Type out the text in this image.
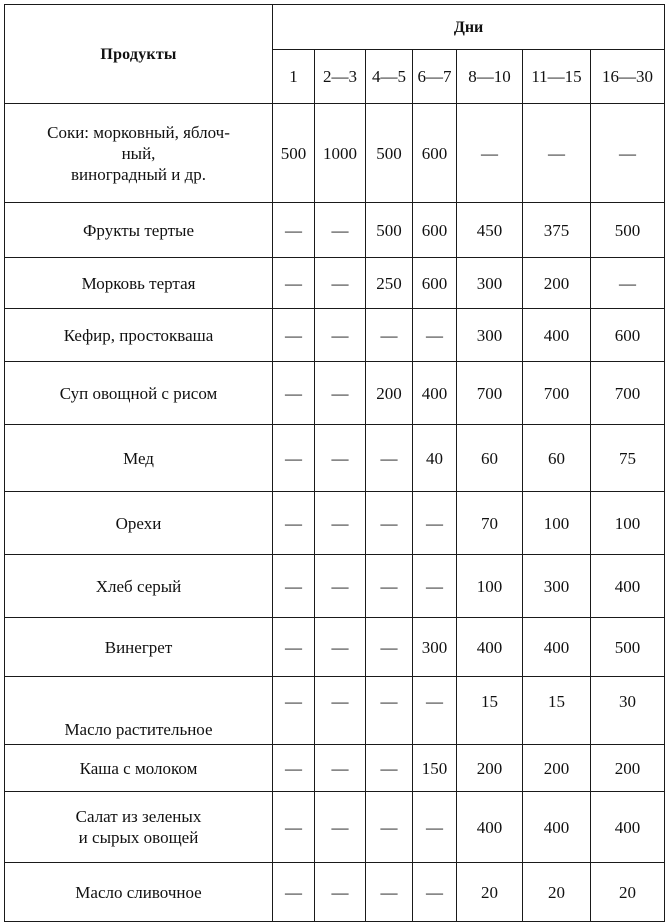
Продукты	Дни						
	1	2—3	4—5	6—7	8—10	11—15	16—30
Соки: морковный, яблоч-
ный,
виноградный и др.	500	1000	500	600	—	—	—
Фрукты тертые	—	—	500	600	450	375	500
Морковь тертая	—	—	250	600	300	200	—
Кефир, простокваша	—	—	—	—	300	400	600
Суп овощной с рисом	—	—	200	400	700	700	700
Мед	—	—	—	40	60	60	75
Орехи	—	—	—	—	70	100	100
Хлеб серый	—	—	—	—	100	300	400
Винегрет	—	—	—	300	400	400	500
Масло растительное	—	—	—	—	15	15	30
Каша с молоком	—	—	—	150	200	200	200
Салат из зеленых
и сырых овощей	—	—	—	—	400	400	400
Масло сливочное	—	—	—	—	20	20	20
